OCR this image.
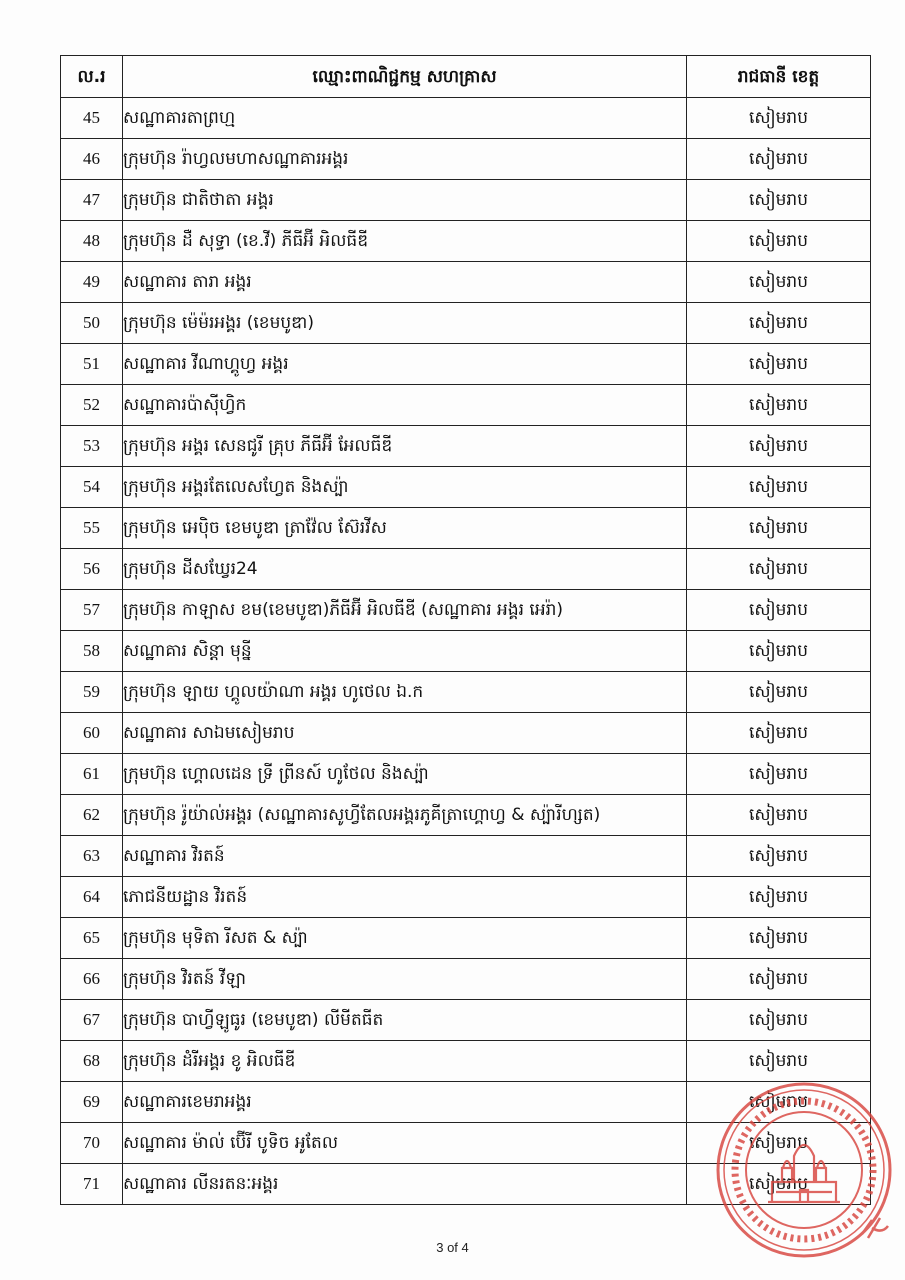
ល.រ	ឈ្មោះពាណិជ្ជកម្ម សហគ្រាស	រាជធានី ខេត្ត
45	សណ្ឋាគារតាព្រហ្ម	សៀមរាប
46	ក្រុមហ៊ុន រ៉ាហ្វលមហាសណ្ឋាគារអង្គរ	សៀមរាប
47	ក្រុមហ៊ុន ជាតិថាតា អង្គរ	សៀមរាប
48	ក្រុមហ៊ុន ដឺ សុទ្ធា (ខេ.វី) ភីធីអ៊ី អិលធីឌី	សៀមរាប
49	សណ្ឋាគារ តារា អង្គរ	សៀមរាប
50	ក្រុមហ៊ុន ម៉េម៉រអង្គរ (ខេមបូឌា)	សៀមរាប
51	សណ្ឋាគារ វីណាហ្គូហ្វ អង្គរ	សៀមរាប
52	សណ្ឋាគារប៉ាស៊ីហ្វិក	សៀមរាប
53	ក្រុមហ៊ុន អង្គរ សេនជូរី គ្រុប ភីធីអ៊ី អែលធីឌី	សៀមរាប
54	ក្រុមហ៊ុន អង្គរតែលេសហ្វែត និងស្ប៉ា	សៀមរាប
55	ក្រុមហ៊ុន អេប៉ិច ខេមបូឌា ត្រាវ៉ែល ស៊ែរវីស	សៀមរាប
56	ក្រុមហ៊ុន ដីសឃ្វែរ24	សៀមរាប
57	ក្រុមហ៊ុន កាឡាស ខម(ខេមបូឌា)ភីធីអ៊ី អិលធីឌី (សណ្ឋាគារ អង្គរ អេរ៉ា)	សៀមរាប
58	សណ្ឋាគារ សិន្តា មុន្នី	សៀមរាប
59	ក្រុមហ៊ុន ឡាយ ហ្គូលយ៉ាណា អង្គរ ហូថេល ឯ.ក	សៀមរាប
60	សណ្ឋាគារ សាឯមសៀមរាប	សៀមរាប
61	ក្រុមហ៊ុន ហ្គោលដេន ទ្រី ព្រីនស៍ ហូថែល និងស្ប៉ា	សៀមរាប
62	ក្រុមហ៊ុន រ៉ូយ៉ាល់អង្គរ (សណ្ឋាគារសូហ្វីតែលអង្គរភូគីត្រាហ្គោហ្វ & ស្ប៉ារីហ្សត)	សៀមរាប
63	សណ្ឋាគារ វិរតន៍	សៀមរាប
64	ភោជនីយដ្ឋាន វិរតន៍	សៀមរាប
65	ក្រុមហ៊ុន មុទិតា រីសត & ស្ប៉ា	សៀមរាប
66	ក្រុមហ៊ុន វិរតន៍ វីឡា	សៀមរាប
67	ក្រុមហ៊ុន បាហ្វីឡូធូរ (ខេមបូឌា) លីមីតធីត	សៀមរាប
68	ក្រុមហ៊ុន ដំរីអង្គរ ខូ អិលធីឌី	សៀមរាប
69	សណ្ឋាគារខេមរាអង្គរ	សៀមរាប
70	សណ្ឋាគារ ម៉ាល់ ប៊ើរី បូទិច អូតែល	សៀមរាប
71	សណ្ឋាគារ លីនរតនៈអង្គរ	សៀមរាប
3 of 4
